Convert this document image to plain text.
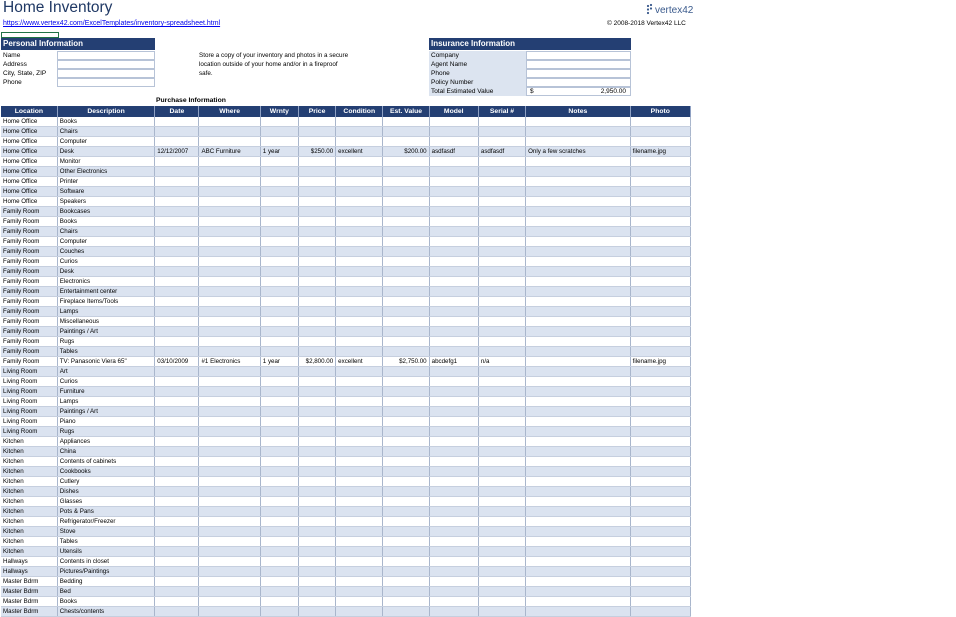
Home Inventory
https://www.vertex42.com/ExcelTemplates/inventory-spreadsheet.html
vertex42
© 2008-2018 Vertex42 LLC
Personal Information
Name
Address
City, State, ZIP
Phone
Store a copy of your inventory and photos in a secure location outside of your home and/or in a fireproof safe.
Insurance Information
Company
Agent Name
Phone
Policy Number
Total Estimated Value	$	2,950.00
Purchase Information
Location	Description	Date	Where	Wrnty	Price	Condition	Est. Value	Model	Serial #	Notes	Photo
Home Office	Books										
Home Office	Chairs										
Home Office	Computer										
Home Office	Desk	12/12/2007	ABC Furniture	1 year	$250.00	excellent	$200.00	asdfasdf	asdfasdf	Only a few scratches	filename.jpg
Home Office	Monitor										
Home Office	Other Electronics										
Home Office	Printer										
Home Office	Software										
Home Office	Speakers										
Family Room	Bookcases										
Family Room	Books										
Family Room	Chairs										
Family Room	Computer										
Family Room	Couches										
Family Room	Curios										
Family Room	Desk										
Family Room	Electronics										
Family Room	Entertainment center										
Family Room	Fireplace Items/Tools										
Family Room	Lamps										
Family Room	Miscellaneous										
Family Room	Paintings / Art										
Family Room	Rugs										
Family Room	Tables										
Family Room	TV: Panasonic Viera 65"	03/10/2009	#1 Electronics	1 year	$2,800.00	excellent	$2,750.00	abcdefg1	n/a		filename.jpg
Living Room	Art										
Living Room	Curios										
Living Room	Furniture										
Living Room	Lamps										
Living Room	Paintings / Art										
Living Room	Piano										
Living Room	Rugs										
Kitchen	Appliances										
Kitchen	China										
Kitchen	Contents of cabinets										
Kitchen	Cookbooks										
Kitchen	Cutlery										
Kitchen	Dishes										
Kitchen	Glasses										
Kitchen	Pots & Pans										
Kitchen	Refrigerator/Freezer										
Kitchen	Stove										
Kitchen	Tables										
Kitchen	Utensils										
Hallways	Contents in closet										
Hallways	Pictures/Paintings										
Master Bdrm	Bedding										
Master Bdrm	Bed										
Master Bdrm	Books										
Master Bdrm	Chests/contents										
